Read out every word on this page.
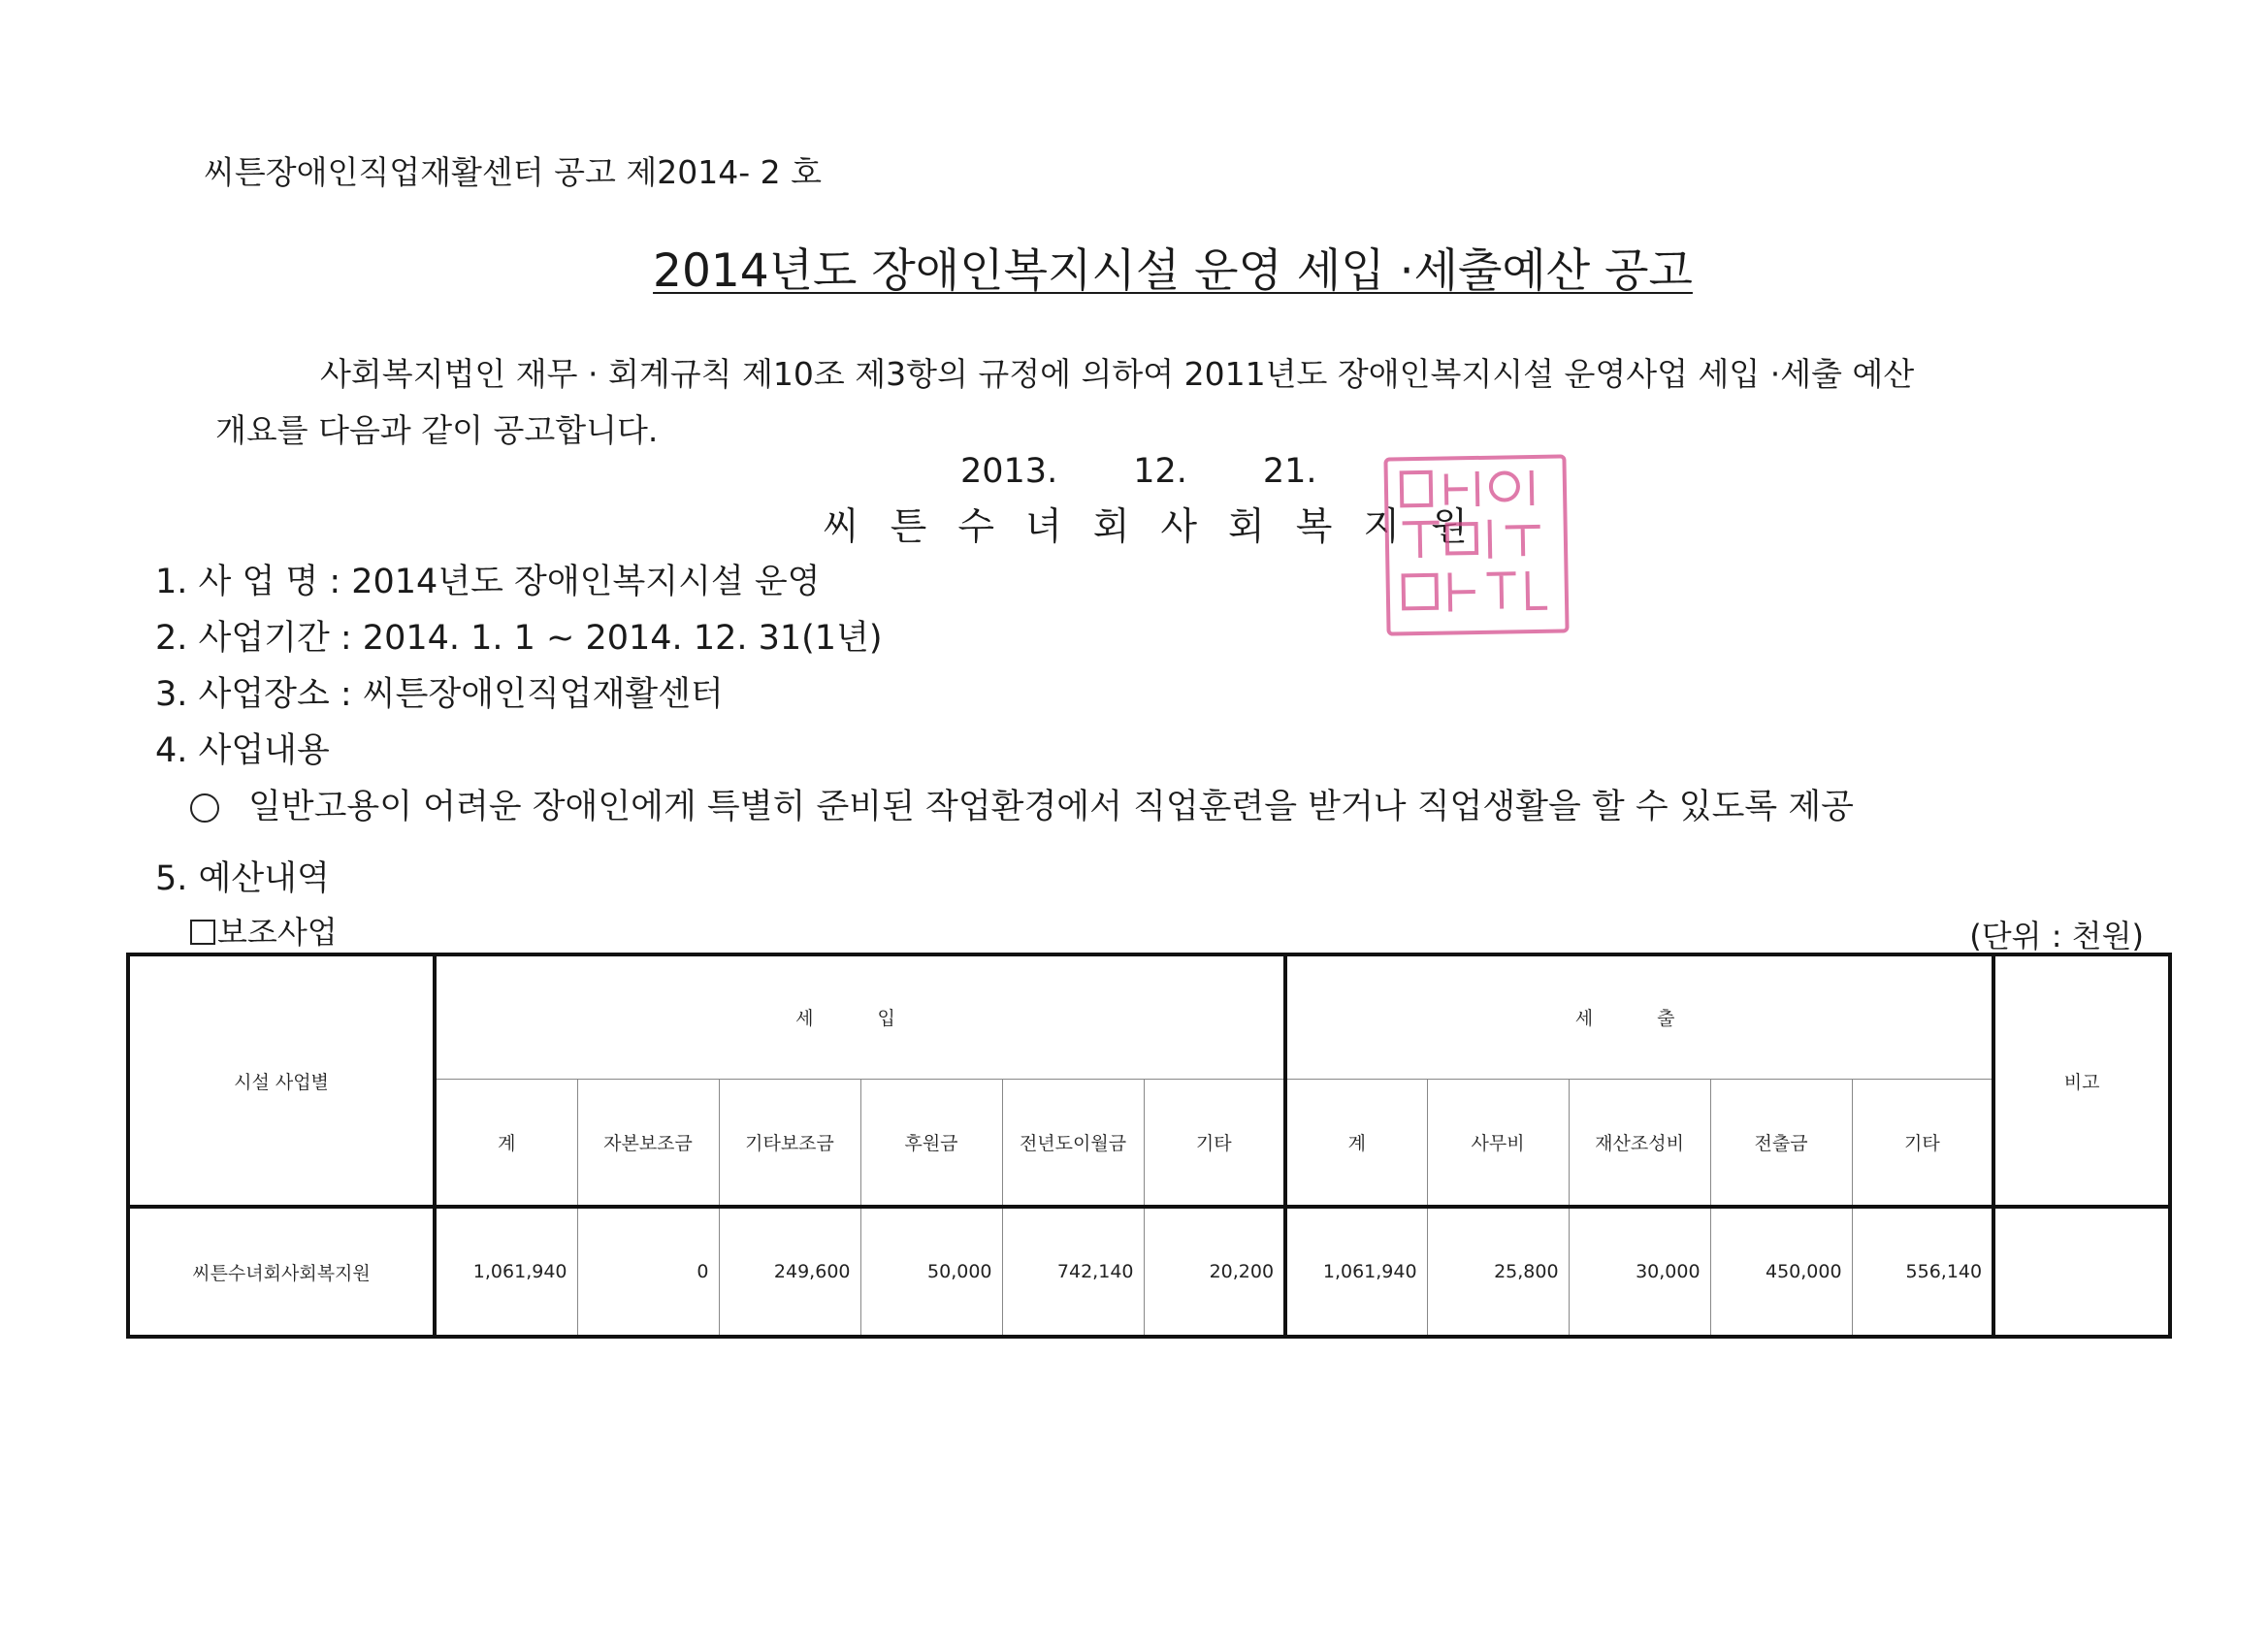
씨튼장애인직업재활센터 공고 제2014- 2 호
2014년도 장애인복지시설 운영 세입 ·세출예산 공고
사회복지법인 재무 · 회계규칙 제10조 제3항의 규정에 의하여 2011년도 장애인복지시설 운영사업 세입 ·세출 예산
개요를 다음과 같이 공고합니다.
2013. 12. 21.
씨튼수녀회사회복지원
1. 사 업 명 : 2014년도 장애인복지시설 운영
2. 사업기간 : 2014. 1. 1 ~ 2014. 12. 31(1년)
3. 사업장소 : 씨튼장애인직업재활센터
4. 사업내용
일반고용이 어려운 장애인에게 특별히 준비된 작업환경에서 직업훈련을 받거나 직업생활을 할 수 있도록 제공
5. 예산내역
보조사업	(단위 : 천원)
시설 사업별	세 입						세 출					비고
	계	자본보조금	기타보조금	후원금	전년도이월금	기타	계	사무비	재산조성비	전출금	기타	
씨튼수녀회사회복지원	1,061,940	0	249,600	50,000	742,140	20,200	1,061,940	25,800	30,000	450,000	556,140	
